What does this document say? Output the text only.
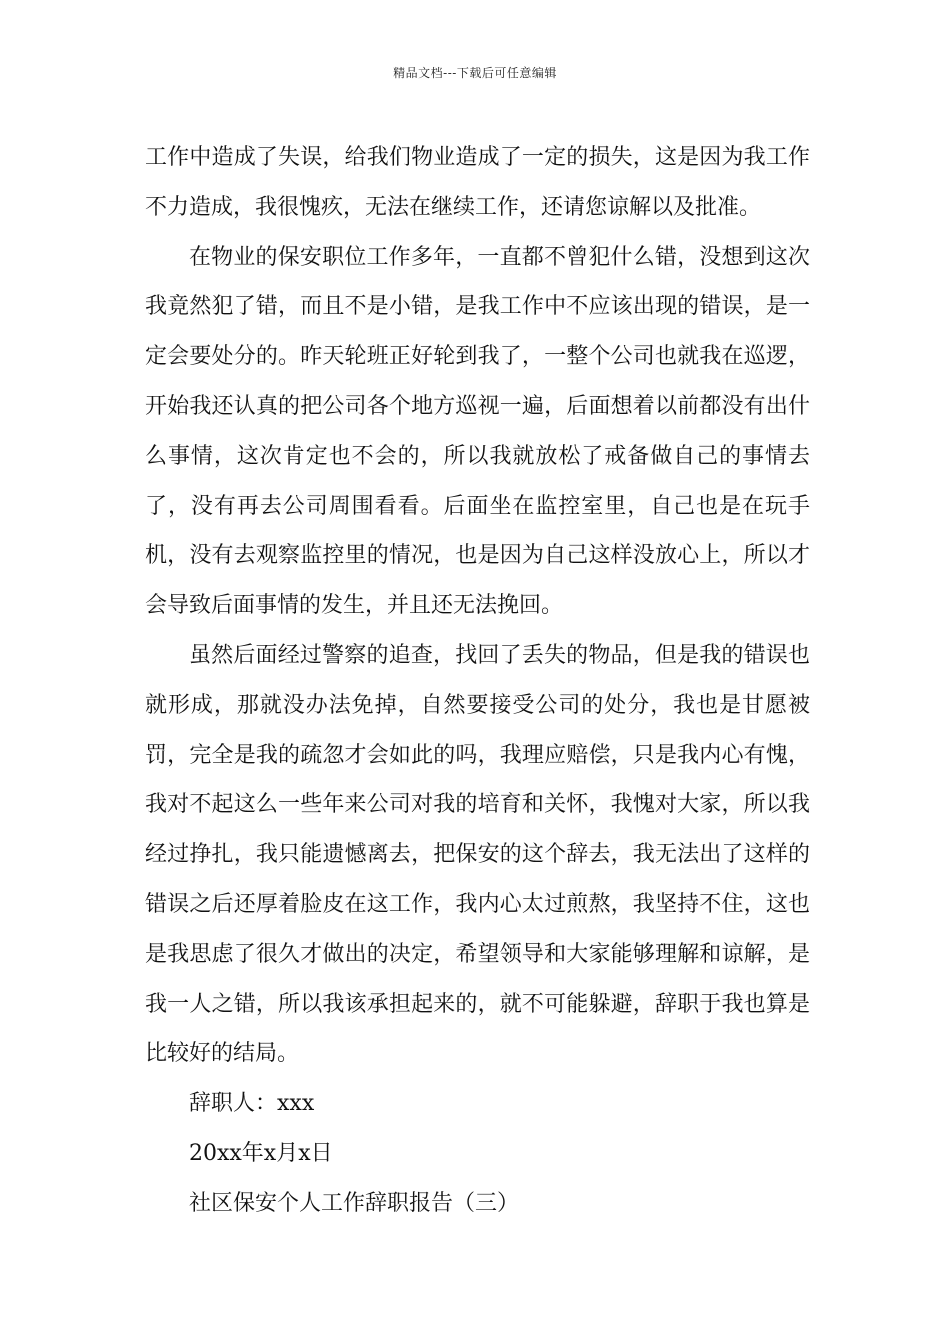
精品文档---下载后可任意编辑

工作中造成了失误，给我们物业造成了一定的损失，这是因为我工作不力造成，我很愧疚，无法在继续工作，还请您谅解以及批准。

在物业的保安职位工作多年，一直都不曾犯什么错，没想到这次我竟然犯了错，而且不是小错，是我工作中不应该出现的错误，是一定会要处分的。昨天轮班正好轮到我了，一整个公司也就我在巡逻，开始我还认真的把公司各个地方巡视一遍，后面想着以前都没有出什么事情，这次肯定也不会的，所以我就放松了戒备做自己的事情去了，没有再去公司周围看看。后面坐在监控室里，自己也是在玩手机，没有去观察监控里的情况，也是因为自己这样没放心上，所以才会导致后面事情的发生，并且还无法挽回。

虽然后面经过警察的追查，找回了丢失的物品，但是我的错误也就形成，那就没办法免掉，自然要接受公司的处分，我也是甘愿被罚，完全是我的疏忽才会如此的吗，我理应赔偿，只是我内心有愧，我对不起这么一些年来公司对我的培育和关怀，我愧对大家，所以我经过挣扎，我只能遗憾离去，把保安的这个辞去，我无法出了这样的错误之后还厚着脸皮在这工作，我内心太过煎熬，我坚持不住，这也是我思虑了很久才做出的决定，希望领导和大家能够理解和谅解，是我一人之错，所以我该承担起来的，就不可能躲避，辞职于我也算是比较好的结局。

辞职人：xxx

20xx年x月x日

社区保安个人工作辞职报告（三）
